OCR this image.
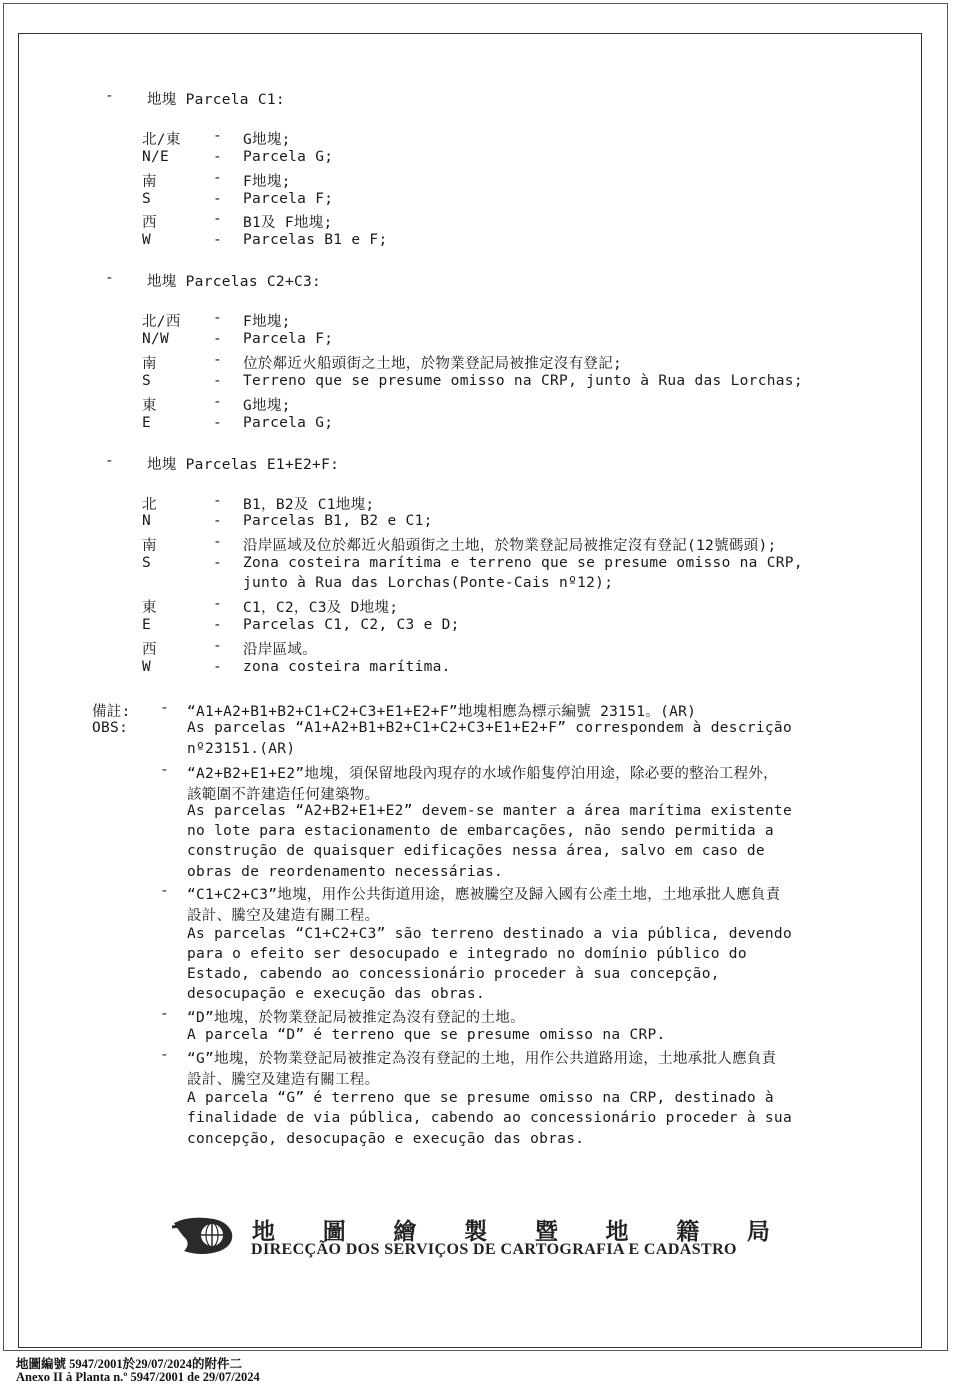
- 地塊 Parcela C1:
北/東 - G地塊;
N/E	- Parcela G;
南	- F地塊;
S	- Parcela F;
西	- B1及 F地塊;
W	- Parcelas B1 e F;
- 地塊 Parcelas C2+C3:
北/西 - F地塊;
N/W	- Parcela F;
南	- 位於鄰近火船頭街之土地，於物業登記局被推定沒有登記;
S	- Terreno que se presume omisso na CRP, junto à Rua das Lorchas;
東	- G地塊;
E	- Parcela G;
- 地塊 Parcelas E1+E2+F:
北	- B1，B2及 C1地塊;
N	- Parcelas B1, B2 e C1;
南	- 沿岸區域及位於鄰近火船頭街之土地，於物業登記局被推定沒有登記(12號碼頭);
S	- Zona costeira marítima e terreno que se presume omisso na CRP,
junto à Rua das Lorchas(Ponte-Cais nº12);
東	- C1，C2，C3及 D地塊;
E	- Parcelas C1, C2, C3 e D;
西	- 沿岸區域。
W	- zona costeira marítima.
備註:
OBS:
- “A1+A2+B1+B2+C1+C2+C3+E1+E2+F”地塊相應為標示編號 23151。(AR)
As parcelas “A1+A2+B1+B2+C1+C2+C3+E1+E2+F” correspondem à descrição
nº23151.(AR)
- “A2+B2+E1+E2”地塊，須保留地段內現存的水域作船隻停泊用途，除必要的整治工程外，
該範圍不許建造任何建築物。
As parcelas “A2+B2+E1+E2” devem-se manter a área marítima existente
no lote para estacionamento de embarcações, não sendo permitida a
construção de quaisquer edificações nessa área, salvo em caso de
obras de reordenamento necessárias.
- “C1+C2+C3”地塊，用作公共街道用途，應被騰空及歸入國有公產土地，土地承批人應負責
設計、騰空及建造有關工程。
As parcelas “C1+C2+C3” são terreno destinado a via pública, devendo
para o efeito ser desocupado e integrado no domínio público do
Estado, cabendo ao concessionário proceder à sua concepção,
desocupação e execução das obras.
- “D”地塊，於物業登記局被推定為沒有登記的土地。
A parcela “D” é terreno que se presume omisso na CRP.
- “G”地塊，於物業登記局被推定為沒有登記的土地，用作公共道路用途，土地承批人應負責
設計、騰空及建造有關工程。
A parcela “G” é terreno que se presume omisso na CRP, destinado à
finalidade de via pública, cabendo ao concessionário proceder à sua
concepção, desocupação e execução das obras.
地 圖 繪 製 暨 地 籍 局
DIRECÇÃO DOS SERVIÇOS DE CARTOGRAFIA E CADASTRO
地圖編號 5947/2001於29/07/2024的附件二
Anexo II à Planta n.º 5947/2001 de 29/07/2024
